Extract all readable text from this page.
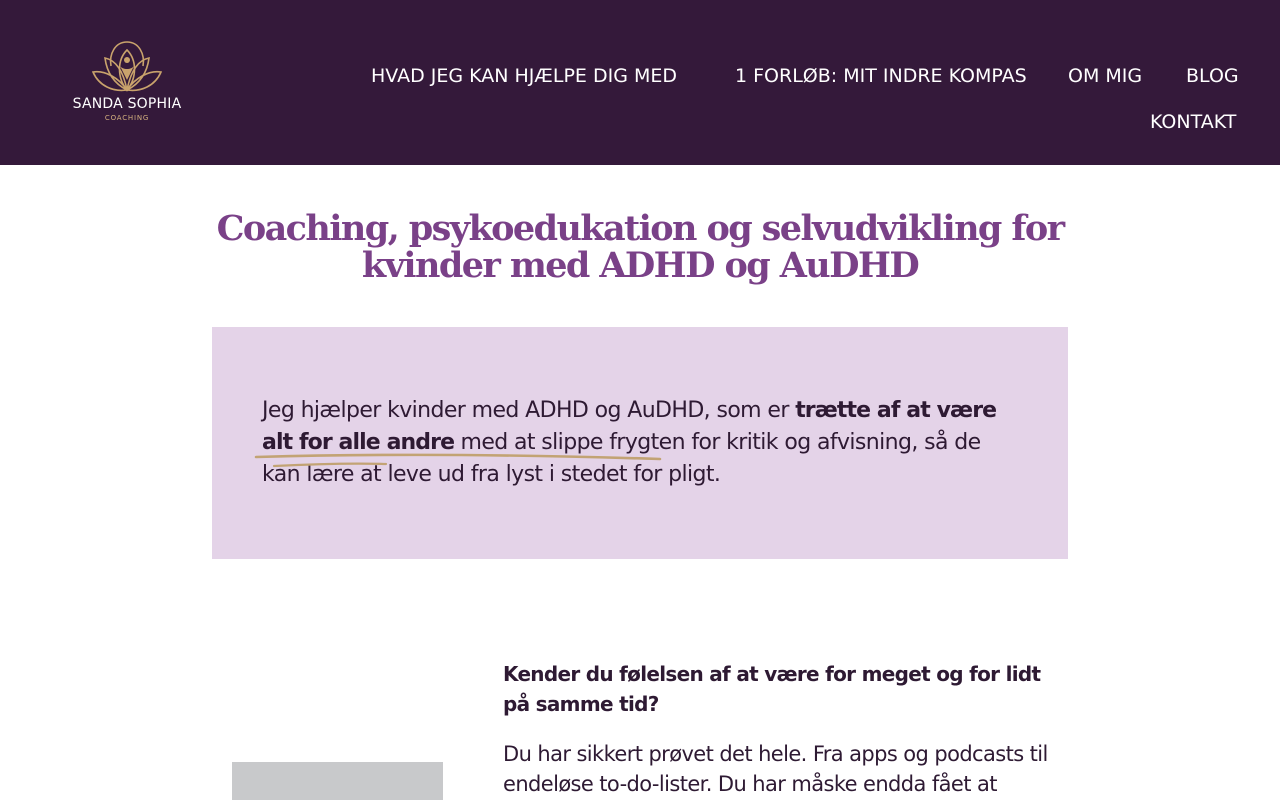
SANDA SOPHIA
COACHING
HVAD JEG KAN HJÆLPE DIG MED	1 FORLØB: MIT INDRE KOMPAS OM MIG BLOG
KONTAKT
Coaching, psykoedukation og selvudvikling for kvinder med ADHD og AuDHD

Jeg hjælper kvinder med ADHD og AuDHD, som er trætte af at være alt for alle andre med at slippe frygten for kritik og afvisning, så de kan lære at leve ud fra lyst i stedet for pligt.

Kender du følelsen af at være for meget og for lidt på samme tid?

Du har sikkert prøvet det hele. Fra apps og podcasts til endeløse to-do-lister. Du har måske endda fået at
